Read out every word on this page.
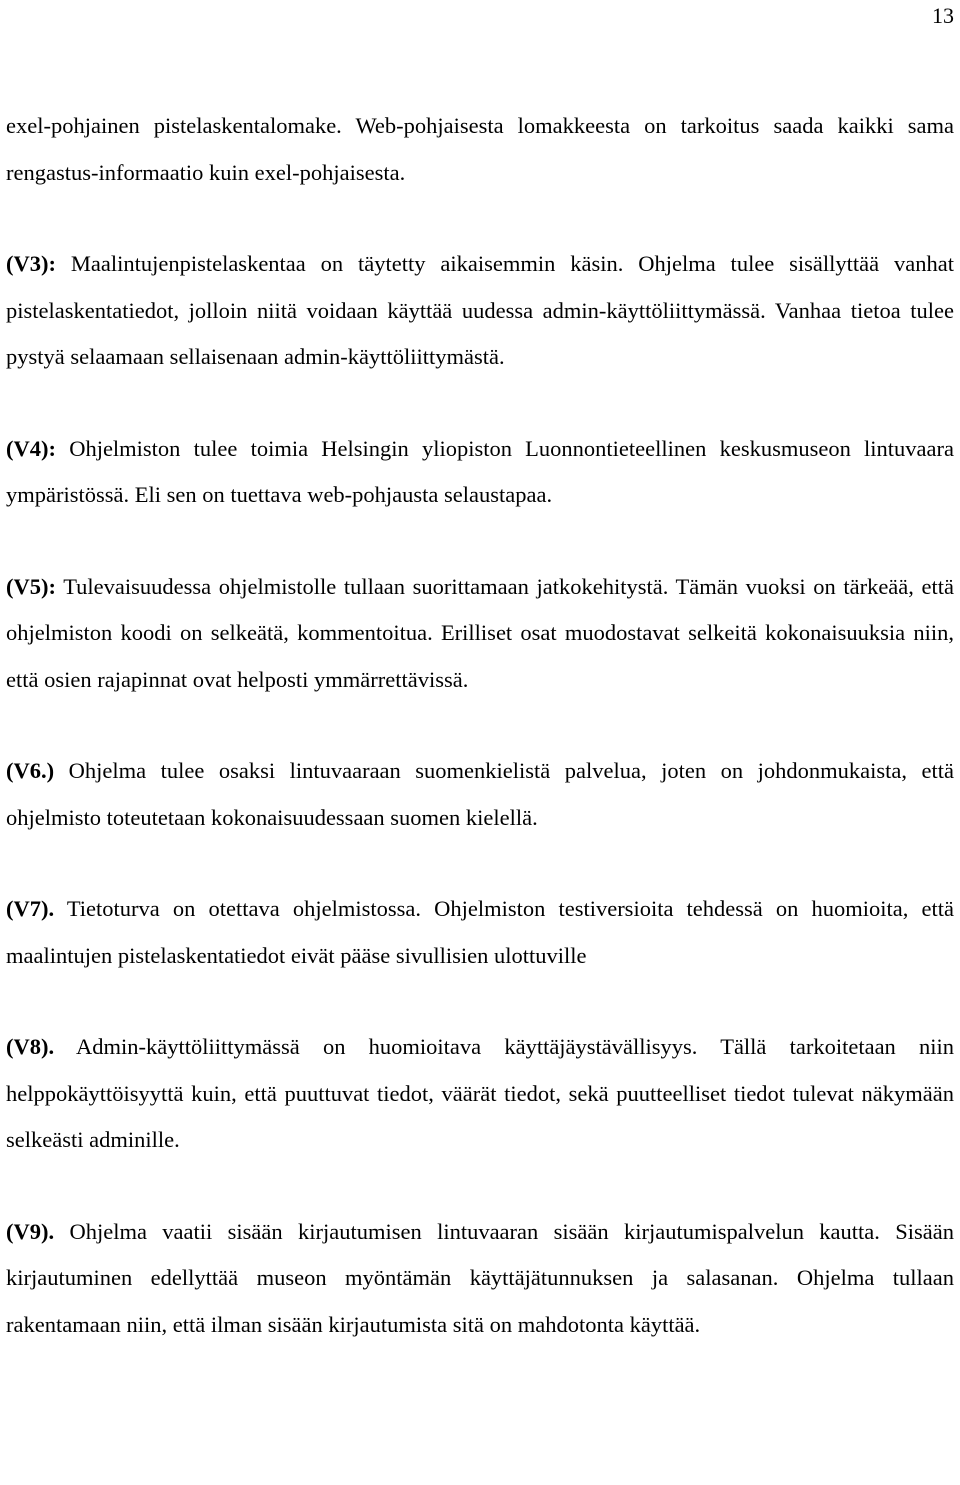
13

exel-pohjainen pistelaskentalomake. Web-pohjaisesta lomakkeesta on tarkoitus saada kaikki sama rengastus-informaatio kuin exel-pohjaisesta.

(V3): Maalintujenpistelaskentaa on täytetty aikaisemmin käsin. Ohjelma tulee sisällyttää vanhat pistelaskentatiedot, jolloin niitä voidaan käyttää uudessa admin-käyttöliittymässä. Vanhaa tietoa tulee pystyä selaamaan sellaisenaan admin-käyttöliittymästä.

(V4): Ohjelmiston tulee toimia Helsingin yliopiston Luonnontieteellinen keskusmuseon lintuvaara ympäristössä. Eli sen on tuettava web-pohjausta selaustapaa.

(V5): Tulevaisuudessa ohjelmistolle tullaan suorittamaan jatkokehitystä. Tämän vuoksi on tärkeää, että ohjelmiston koodi on selkeätä, kommentoitua. Erilliset osat muodostavat selkeitä kokonaisuuksia niin, että osien rajapinnat ovat helposti ymmärrettävissä.

(V6.) Ohjelma tulee osaksi lintuvaaraan suomenkielistä palvelua, joten on johdonmukaista, että ohjelmisto toteutetaan kokonaisuudessaan suomen kielellä.

(V7). Tietoturva on otettava ohjelmistossa. Ohjelmiston testiversioita tehdessä on huomioita, että maalintujen pistelaskentatiedot eivät pääse sivullisien ulottuville

(V8). Admin-käyttöliittymässä on huomioitava käyttäjäystävällisyys. Tällä tarkoitetaan niin helppokäyttöisyyttä kuin, että puuttuvat tiedot, väärät tiedot, sekä puutteelliset tiedot tulevat näkymään selkeästi adminille.

(V9). Ohjelma vaatii sisään kirjautumisen lintuvaaran sisään kirjautumispalvelun kautta. Sisään kirjautuminen edellyttää museon myöntämän käyttäjätunnuksen ja salasanan. Ohjelma tullaan rakentamaan niin, että ilman sisään kirjautumista sitä on mahdotonta käyttää.
